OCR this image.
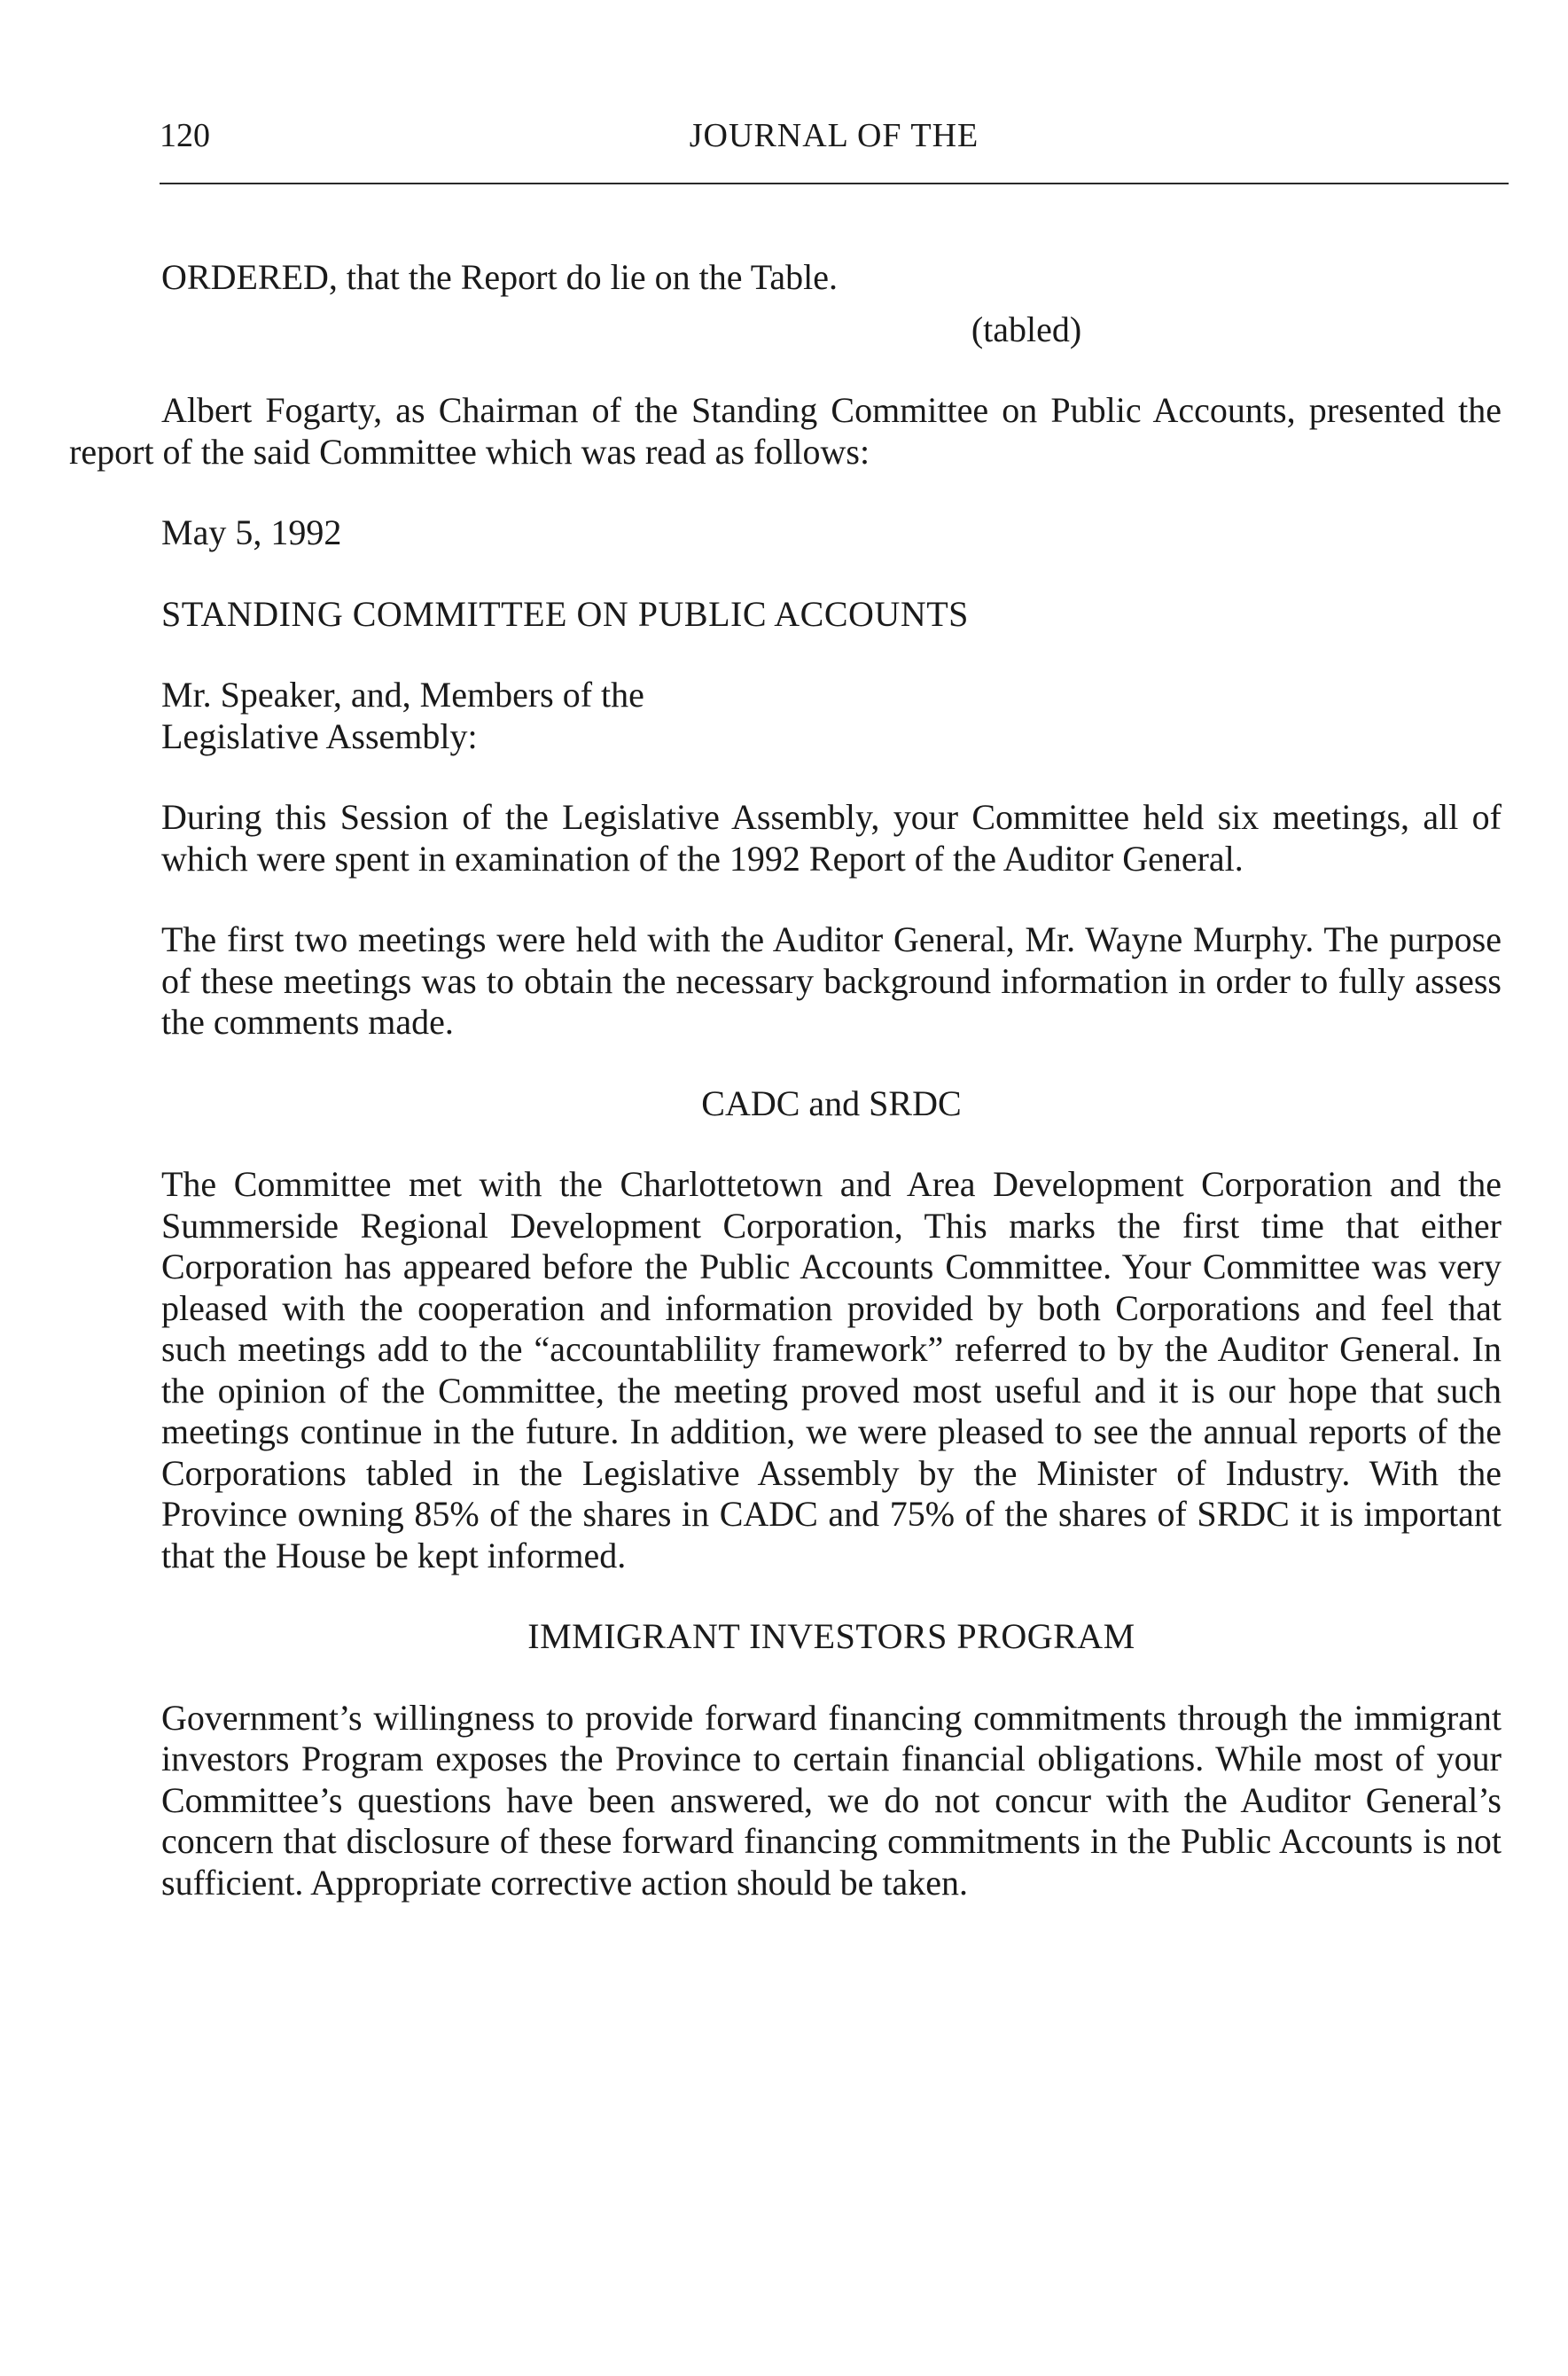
120	JOURNAL OF THE

ORDERED, that the Report do lie on the Table.

(tabled)

Albert Fogarty, as Chairman of the Standing Committee on Public Accounts, presented the report of the said Committee which was read as follows:

May 5, 1992

STANDING COMMITTEE ON PUBLIC ACCOUNTS

Mr. Speaker, and, Members of the

Legislative Assembly:

During this Session of the Legislative Assembly, your Committee held six meetings, all of which were spent in examination of the 1992 Report of the Auditor General.

The first two meetings were held with the Auditor General, Mr. Wayne Murphy. The purpose of these meetings was to obtain the necessary background information in order to fully assess the comments made.

CADC and SRDC

The Committee met with the Charlottetown and Area Development Corporation and the Summerside Regional Development Corporation, This marks the first time that either Corporation has appeared before the Public Accounts Committee. Your Committee was very pleased with the cooperation and information provided by both Corporations and feel that such meetings add to the “accountablility framework” referred to by the Auditor General. In the opinion of the Committee, the meeting proved most useful and it is our hope that such meetings continue in the future. In addition, we were pleased to see the annual reports of the Corporations tabled in the Legislative Assembly by the Minister of Industry. With the Province owning 85% of the shares in CADC and 75% of the shares of SRDC it is important that the House be kept informed.

IMMIGRANT INVESTORS PROGRAM

Government’s willingness to provide forward financing commitments through the immigrant investors Program exposes the Province to certain financial obligations. While most of your Committee’s questions have been answered, we do not concur with the Auditor General’s concern that disclosure of these forward financing commitments in the Public Accounts is not sufficient. Appropriate corrective action should be taken.
